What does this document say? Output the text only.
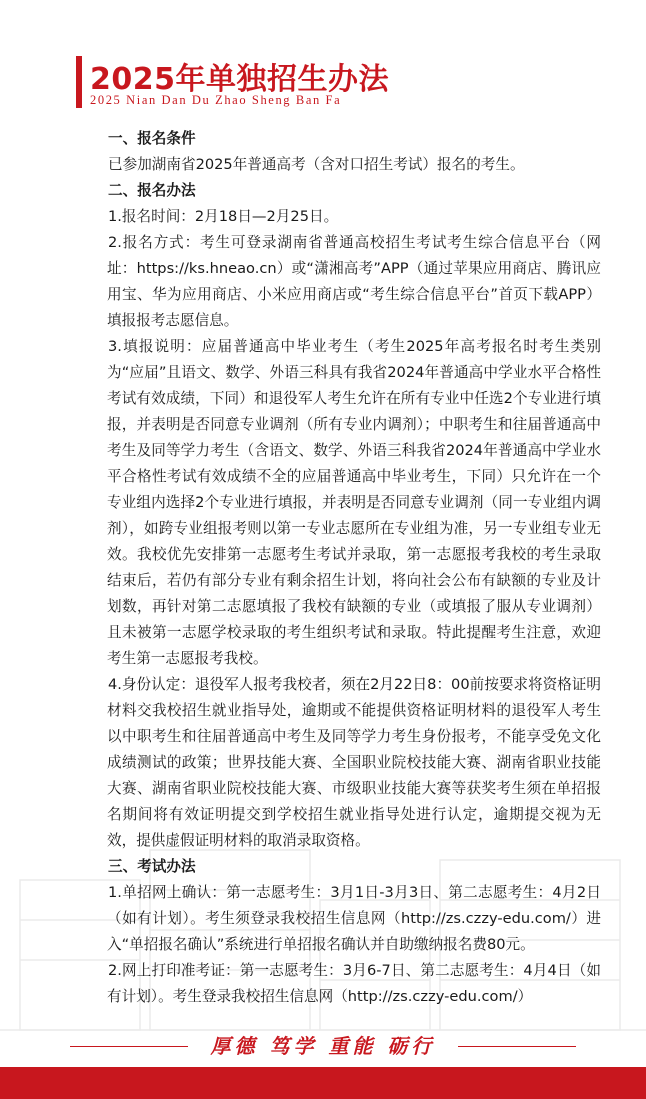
2025年单独招生办法
2025 Nian Dan Du Zhao Sheng Ban Fa

一、报名条件

已参加湖南省2025年普通高考（含对口招生考试）报名的考生。

二、报名办法

1.报名时间：2月18日—2月25日。

2.报名方式：考生可登录湖南省普通高校招生考试考生综合信息平台（网址：https://ks.hneao.cn）或“潇湘高考”APP（通过苹果应用商店、腾讯应用宝、华为应用商店、小米应用商店或“考生综合信息平台”首页下载APP）填报报考志愿信息。

3.填报说明：应届普通高中毕业考生（考生2025年高考报名时考生类别为“应届”且语文、数学、外语三科具有我省2024年普通高中学业水平合格性考试有效成绩，下同）和退役军人考生允许在所有专业中任选2个专业进行填报，并表明是否同意专业调剂（所有专业内调剂）；中职考生和往届普通高中考生及同等学力考生（含语文、数学、外语三科我省2024年普通高中学业水平合格性考试有效成绩不全的应届普通高中毕业考生，下同）只允许在一个专业组内选择2个专业进行填报，并表明是否同意专业调剂（同一专业组内调剂），如跨专业组报考则以第一专业志愿所在专业组为准，另一专业组专业无效。我校优先安排第一志愿考生考试并录取，第一志愿报考我校的考生录取结束后，若仍有部分专业有剩余招生计划，将向社会公布有缺额的专业及计划数，再针对第二志愿填报了我校有缺额的专业（或填报了服从专业调剂）且未被第一志愿学校录取的考生组织考试和录取。特此提醒考生注意，欢迎考生第一志愿报考我校。

4.身份认定：退役军人报考我校者，须在2月22日8：00前按要求将资格证明材料交我校招生就业指导处，逾期或不能提供资格证明材料的退役军人考生以中职考生和往届普通高中考生及同等学力考生身份报考，不能享受免文化成绩测试的政策；世界技能大赛、全国职业院校技能大赛、湖南省职业技能大赛、湖南省职业院校技能大赛、市级职业技能大赛等获奖考生须在单招报名期间将有效证明提交到学校招生就业指导处进行认定，逾期提交视为无效，提供虚假证明材料的取消录取资格。

三、考试办法

1.单招网上确认：第一志愿考生：3月1日-3月3日、第二志愿考生：4月2日（如有计划）。考生须登录我校招生信息网（http://zs.czzy-edu.com/）进入“单招报名确认”系统进行单招报名确认并自助缴纳报名费80元。

2.网上打印准考证：第一志愿考生：3月6-7日、第二志愿考生：4月4日（如有计划）。考生登录我校招生信息网（http://zs.czzy-edu.com/）

厚德 笃学 重能 砺行
